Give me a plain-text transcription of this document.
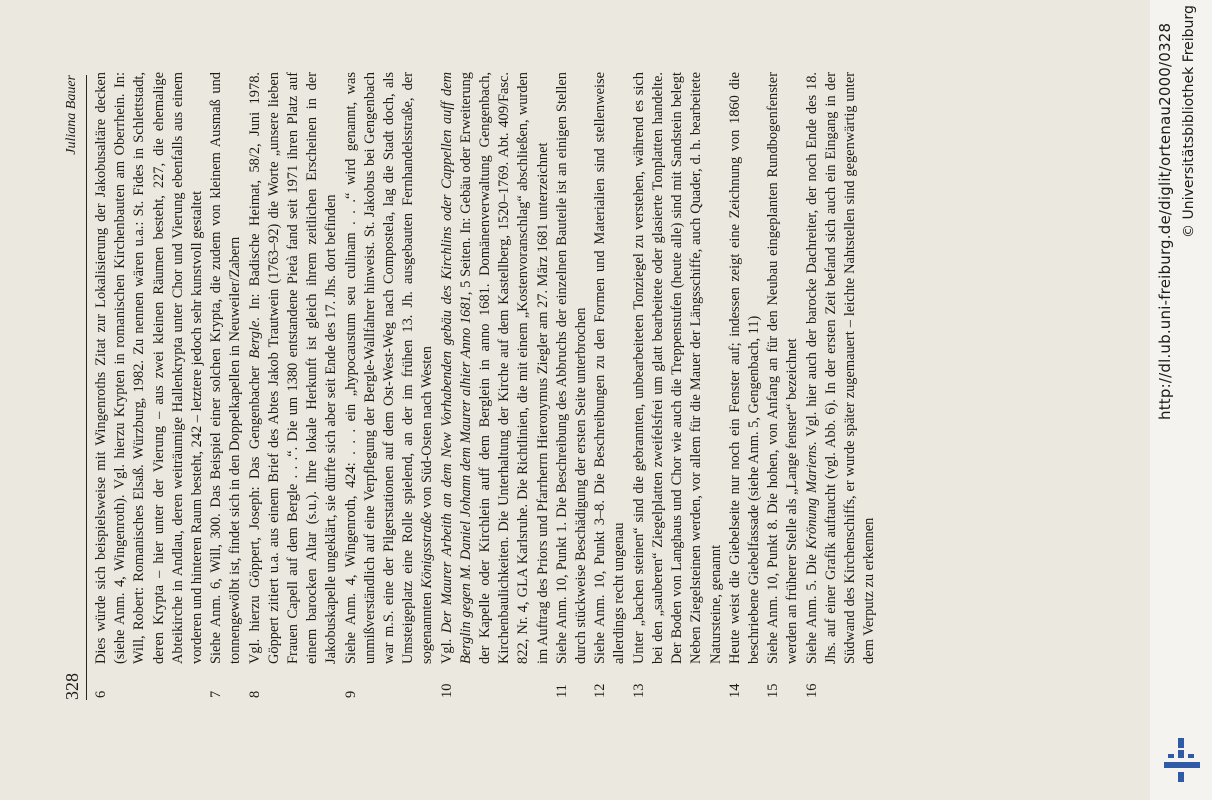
328
Juliana Bauer
6
Dies würde sich beispielsweise mit Wingenroths Zitat zur Lokalisierung der Jakobusaltäre decken (siehe Anm. 4, Wingenroth). Vgl. hierzu Krypten in romanischen Kirchenbauten am Oberrhein. In: Will, Robert: Romanisches Elsaß. Würzburg, 1982. Zu nennen wären u.a.: St. Fides in Schlettstadt, deren Krypta – hier unter der Vierung – aus zwei kleinen Räumen besteht, 227, die ehemalige Abteikirche in Andlau, deren weiträumige Hallenkrypta unter Chor und Vierung ebenfalls aus einem vorderen und hinteren Raum besteht, 242 – letztere jedoch sehr kunstvoll gestaltet
7
Siehe Anm. 6, Will, 300. Das Beispiel einer solchen Krypta, die zudem von kleinem Ausmaß und tonnengewölbt ist, findet sich in den Doppelkapellen in Neuweiler/Zabern
8
Vgl. hierzu Göppert, Joseph: Das Gengenbacher Bergle. In: Badische Heimat, 58/2, Juni 1978. Göppert zitiert u.a. aus einem Brief des Abtes Jakob Trautwein (1763–92) die Worte „unsere lieben Frauen Capell auf dem Bergle . . .“. Die um 1380 entstandene Pietà fand seit 1971 ihren Platz auf einem barocken Altar (s.u.). Ihre lokale Herkunft ist gleich ihrem zeitlichen Erscheinen in der Jakobuskapelle ungeklärt, sie dürfte sich aber seit Ende des 17. Jhs. dort befinden
9
Siehe Anm. 4, Wingenroth, 424: . . . ein „hypocaustum seu culinam . . .“ wird genannt, was unmißverständlich auf eine Verpflegung der Bergle-Wallfahrer hinweist. St. Jakobus bei Gengenbach war m.S. eine der Pilgerstationen auf dem Ost-West-Weg nach Compostela, lag die Stadt doch, als Umsteigeplatz eine Rolle spielend, an der im frühen 13. Jh. ausgebauten Fernhandelsstraße, der sogenannten Königsstraße von Süd-Osten nach Westen
10
Vgl. Der Maurer Arbeith an dem New Vorhabenden gebäu des Kirchlins oder Cappellen auff dem Berglin gegen M. Daniel Johann dem Maurer alhier Anno 1681, 5 Seiten. In: Gebäu oder Erweiterung der Kapelle oder Kirchlein auff dem Berglein in anno 1681. Domänenverwaltung Gengenbach, Kirchenbaulichkeiten. Die Unterhaltung der Kirche auf dem Kastellberg, 1520–1769. Abt. 409/Fasc. 822, Nr. 4, GLA Karlsruhe. Die Richtlinien, die mit einem „Kostenvoranschlag“ abschließen, wurden im Auftrag des Priors und Pfarrherrn Hieronymus Ziegler am 27. März 1681 unterzeichnet
11
Siehe Anm. 10, Punkt 1. Die Beschreibung des Abbruchs der einzelnen Bauteile ist an einigen Stellen durch stückweise Beschädigung der ersten Seite unterbrochen
12
Siehe Anm. 10, Punkt 3–8. Die Beschreibungen zu den Formen und Materialien sind stellenweise allerdings recht ungenau
13
Unter „bachen steinen“ sind die gebrannten, unbearbeiteten Tonziegel zu verstehen, während es sich bei den „sauberen“ Ziegelplatten zweifelsfrei um glatt bearbeitete oder glasierte Tonplatten handelte. Der Boden von Langhaus und Chor wie auch die Treppenstufen (heute alle) sind mit Sandstein belegt Neben Ziegelsteinen werden, vor allem für die Mauer der Längsschiffe, auch Quader, d. h. bearbeitete Natursteine, genannt
14
Heute weist die Giebelseite nur noch ein Fenster auf; indessen zeigt eine Zeichnung von 1860 die beschriebene Giebelfassade (siehe Anm. 5, Gengenbach, 11)
15
Siehe Anm. 10, Punkt 8. Die hohen, von Anfang an für den Neubau eingeplanten Rundbogenfenster werden an früherer Stelle als „Lange fenster“ bezeichnet
16
Siehe Anm. 5. Die Krönung Mariens. Vgl. hier auch der barocke Dachreiter, der noch Ende des 18. Jhs. auf einer Grafik auftaucht (vgl. Abb. 6). In der ersten Zeit befand sich auch ein Eingang in der Südwand des Kirchenschiffs, er wurde später zugemauert – leichte Nahtstellen sind gegenwärtig unter dem Verputz zu erkennen
http://dl.ub.uni-freiburg.de/diglit/ortenau2000/0328 © Universitätsbibliothek Freiburg
